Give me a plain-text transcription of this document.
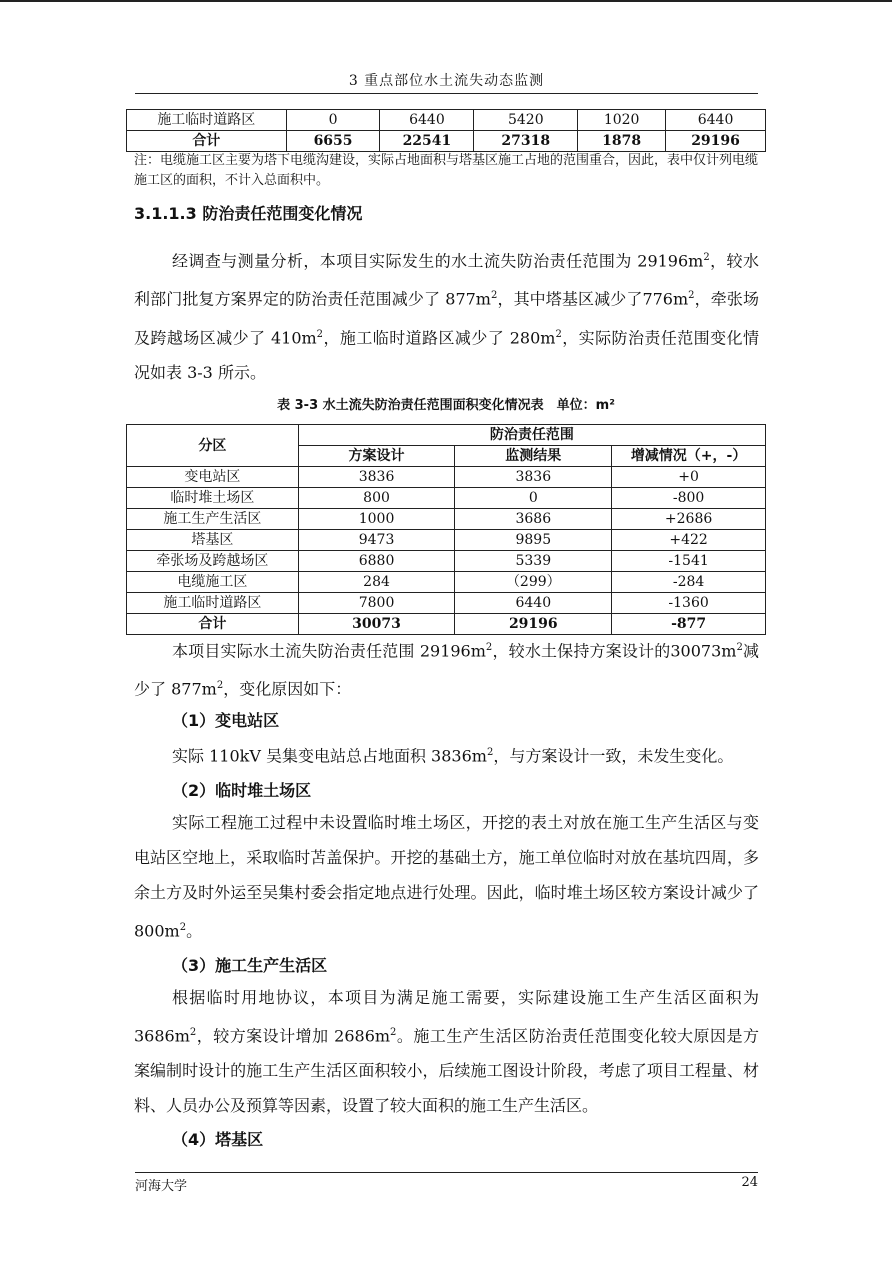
3 重点部位水土流失动态监测
施工临时道路区	0	6440	5420	1020	6440
合计	6655	22541	27318	1878	29196
注：电缆施工区主要为塔下电缆沟建设，实际占地面积与塔基区施工占地的范围重合，因此，表中仅计列电缆施工区的面积，不计入总面积中。
3.1.1.3 防治责任范围变化情况
经调查与测量分析，本项目实际发生的水土流失防治责任范围为 $29196m^2$，较水利部门批复方案界定的防治责任范围减少了 $877m^2$，其中塔基区减少了$776m^2$，牵张场及跨越场区减少了 $410m^2$，施工临时道路区减少了 $280m^2$，实际防治责任范围变化情况如表 3-3 所示。
表 3-3 水土流失防治责任范围面积变化情况表　单位：m²
分区	防治责任范围		
	方案设计	监测结果	增减情况（+，-）
变电站区	3836	3836	+0
临时堆土场区	800	0	-800
施工生产生活区	1000	3686	+2686
塔基区	9473	9895	+422
牵张场及跨越场区	6880	5339	-1541
电缆施工区	284	（299）	-284
施工临时道路区	7800	6440	-1360
合计	30073	29196	-877
本项目实际水土流失防治责任范围 $29196m^2$，较水土保持方案设计的$30073m^2$减少了 $877m^2$，变化原因如下：
（1）变电站区
实际 110kV 吴集变电站总占地面积 $3836m^2$，与方案设计一致，未发生变化。
（2）临时堆土场区
实际工程施工过程中未设置临时堆土场区，开挖的表土对放在施工生产生活区与变电站区空地上，采取临时苫盖保护。开挖的基础土方，施工单位临时对放在基坑四周，多余土方及时外运至吴集村委会指定地点进行处理。因此，临时堆土场区较方案设计减少了 $800m^2$。
（3）施工生产生活区
根据临时用地协议，本项目为满足施工需要，实际建设施工生产生活区面积为 $3686m^2$，较方案设计增加 $2686m^2$。施工生产生活区防治责任范围变化较大原因是方案编制时设计的施工生产生活区面积较小，后续施工图设计阶段，考虑了项目工程量、材料、人员办公及预算等因素，设置了较大面积的施工生产生活区。
（4）塔基区
河海大学	24
